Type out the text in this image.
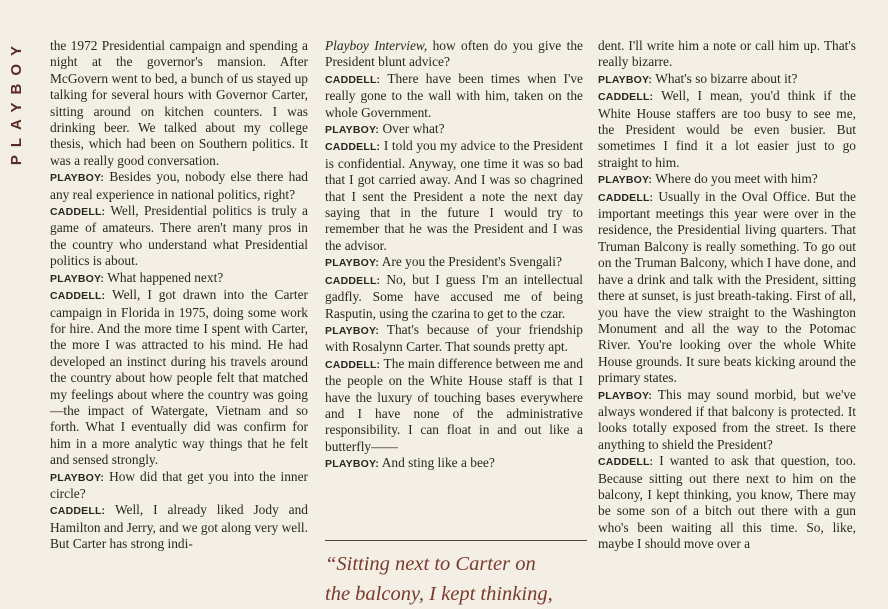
PLAYBOY	the 1972 Presidential campaign and spending a night at the governor's mansion. After McGovern went to bed, a bunch of us stayed up talking for several hours with Governor Carter, sitting around on kitchen counters. I was drinking beer. We talked about my college thesis, which had been on Southern politics. It was a really good conversation.

PLAYBOY: Besides you, nobody else there had any real experience in national politics, right?

CADDELL: Well, Presidential politics is truly a game of amateurs. There aren't many pros in the country who understand what Presidential politics is about.

PLAYBOY: What happened next?

CADDELL: Well, I got drawn into the Carter campaign in Florida in 1975, doing some work for hire. And the more time I spent with Carter, the more I was attracted to his mind. He had developed an instinct during his travels around the country about how people felt that matched my feelings about where the country was going—the impact of Watergate, Vietnam and so forth. What I eventually did was confirm for him in a more analytic way things that he felt and sensed strongly.

PLAYBOY: How did that get you into the inner circle?

CADDELL: Well, I already liked Jody and Hamilton and Jerry, and we got along very well. But Carter has strong indi-

Playboy Interview, how often do you give the President blunt advice?

CADDELL: There have been times when I've really gone to the wall with him, taken on the whole Government.

PLAYBOY: Over what?

CADDELL: I told you my advice to the President is confidential. Anyway, one time it was so bad that I got carried away. And I was so chagrined that I sent the President a note the next day saying that in the future I would try to remember that he was the President and I was the advisor.

PLAYBOY: Are you the President's Svengali?

CADDELL: No, but I guess I'm an intellectual gadfly. Some have accused me of being Rasputin, using the czarina to get to the czar.

PLAYBOY: That's because of your friendship with Rosalynn Carter. That sounds pretty apt.

CADDELL: The main difference between me and the people on the White House staff is that I have the luxury of touching bases everywhere and I have none of the administrative responsibility. I can float in and out like a butterfly——

PLAYBOY: And sting like a bee?

“Sitting next to Carter on
the balcony, I kept thinking,

dent. I'll write him a note or call him up. That's really bizarre.

PLAYBOY: What's so bizarre about it?

CADDELL: Well, I mean, you'd think if the White House staffers are too busy to see me, the President would be even busier. But sometimes I find it a lot easier just to go straight to him.

PLAYBOY: Where do you meet with him?

CADDELL: Usually in the Oval Office. But the important meetings this year were over in the residence, the Presidential living quarters. That Truman Balcony is really something. To go out on the Truman Balcony, which I have done, and have a drink and talk with the President, sitting there at sunset, is just breath-taking. First of all, you have the view straight to the Washington Monument and all the way to the Potomac River. You're looking over the whole White House grounds. It sure beats kicking around the primary states.

PLAYBOY: This may sound morbid, but we've always wondered if that balcony is protected. It looks totally exposed from the street. Is there anything to shield the President?

CADDELL: I wanted to ask that question, too. Because sitting out there next to him on the balcony, I kept thinking, you know, There may be some son of a bitch out there with a gun who's been waiting all this time. So, like, maybe I should move over a
